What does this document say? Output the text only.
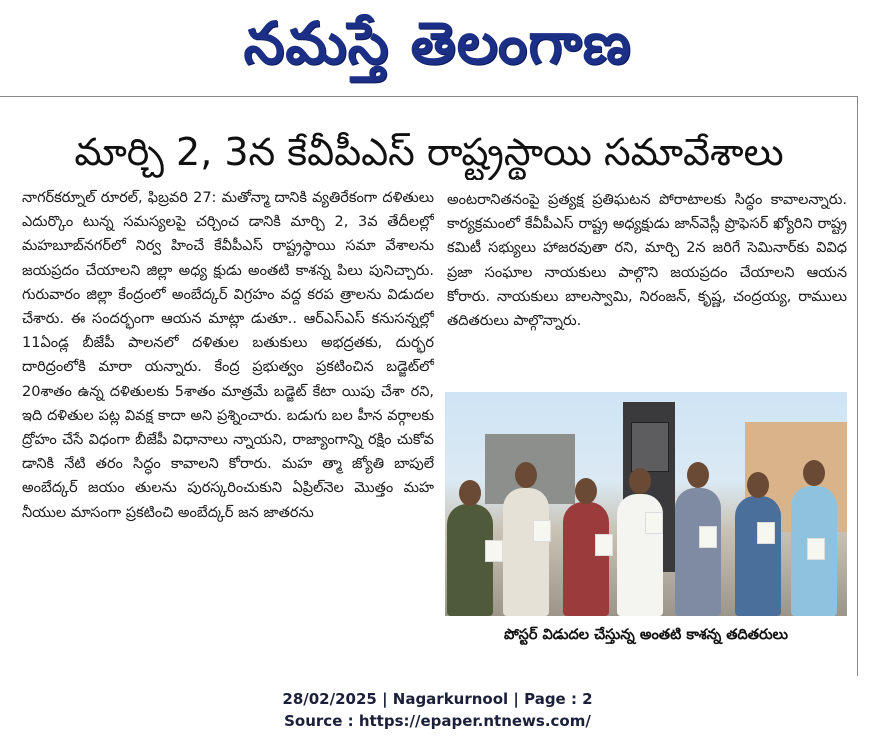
నమస్తే తెలంగాణ
మార్చి 2, 3న కేవీపీఎస్ రాష్ట్రస్థాయి సమావేశాలు
నాగర్‌కర్నూల్ రూరల్, ఫిబ్రవరి 27: మతోన్మా దానికి వ్యతిరేకంగా దళితులు ఎదుర్కొం టున్న సమస్యలపై చర్చించ డానికి మార్చి 2, 3వ తేదీలల్లో మహబూబ్‌నగర్‌లో నిర్వ హించే కేవీపీఎస్ రాష్ట్రస్థాయి సమా వేశాలను జయప్రదం చేయాలని జిల్లా అధ్య క్షుడు అంతటి కాశన్న పిలు పునిచ్చారు. గురువారం జిల్లా కేంద్రంలో అంబేద్కర్ విగ్రహం వద్ద కరప త్రాలను విడుదల చేశారు. ఈ సందర్భంగా ఆయన మాట్లా డుతూ.. ఆర్‌ఎస్‌ఎస్ కనుసన్నల్లో 11ఏండ్ల బీజేపీ పాలనలో దళితుల బతుకులు అభద్రతకు, దుర్భర దారిద్రంలోకి మారా యన్నారు. కేంద్ర ప్రభుత్వం ప్రకటించిన బడ్జెట్‌లో 20శాతం ఉన్న దళితులకు 5శాతం మాత్రమే బడ్జెట్ కేటా యిపు చేశా రని, ఇది దళితుల పట్ల వివక్ష కాదా అని ప్రశ్నించారు. బడుగు బల హీన వర్గాలకు ద్రోహం చేసే విధంగా బీజేపీ విధానాలు న్నాయని, రాజ్యాంగాన్ని రక్షిం చుకోవ డానికి నేటి తరం సిద్ధం కావాలని కోరారు. మహ త్మా జ్యోతి బాపులే అంబేద్కర్ జయం తులను పురస్కరించుకుని ఏప్రిల్‌నెల మొత్తం మహ నీయుల మాసంగా ప్రకటించి అంబేద్కర్ జన జాతరను
అంటరానితనంపై ప్రత్యక్ష ప్రతిఘటన పోరాటాలకు సిద్ధం కావాలన్నారు. కార్యక్రమంలో కేవీపీఎస్ రాష్ట్ర అధ్యక్షుడు జాన్‌వెస్లీ ప్రొఫెసర్ ఖ్యోరిని రాష్ట్ర కమిటీ సభ్యులు హాజరవుతా రని, మార్చి 2న జరిగే సెమినార్‌కు వివిధ ప్రజా సంఘాల నాయకులు పాల్గొని జయప్రదం చేయాలని ఆయన కోరారు. నాయకులు బాలస్వామి, నిరంజన్, కృష్ణ, చంద్రయ్య, రాములు తదితరులు పాల్గొన్నారు.
పోస్టర్ విడుదల చేస్తున్న అంతటి కాశన్న తదితరులు
28/02/2025 | Nagarkurnool | Page : 2
Source : https://epaper.ntnews.com/
